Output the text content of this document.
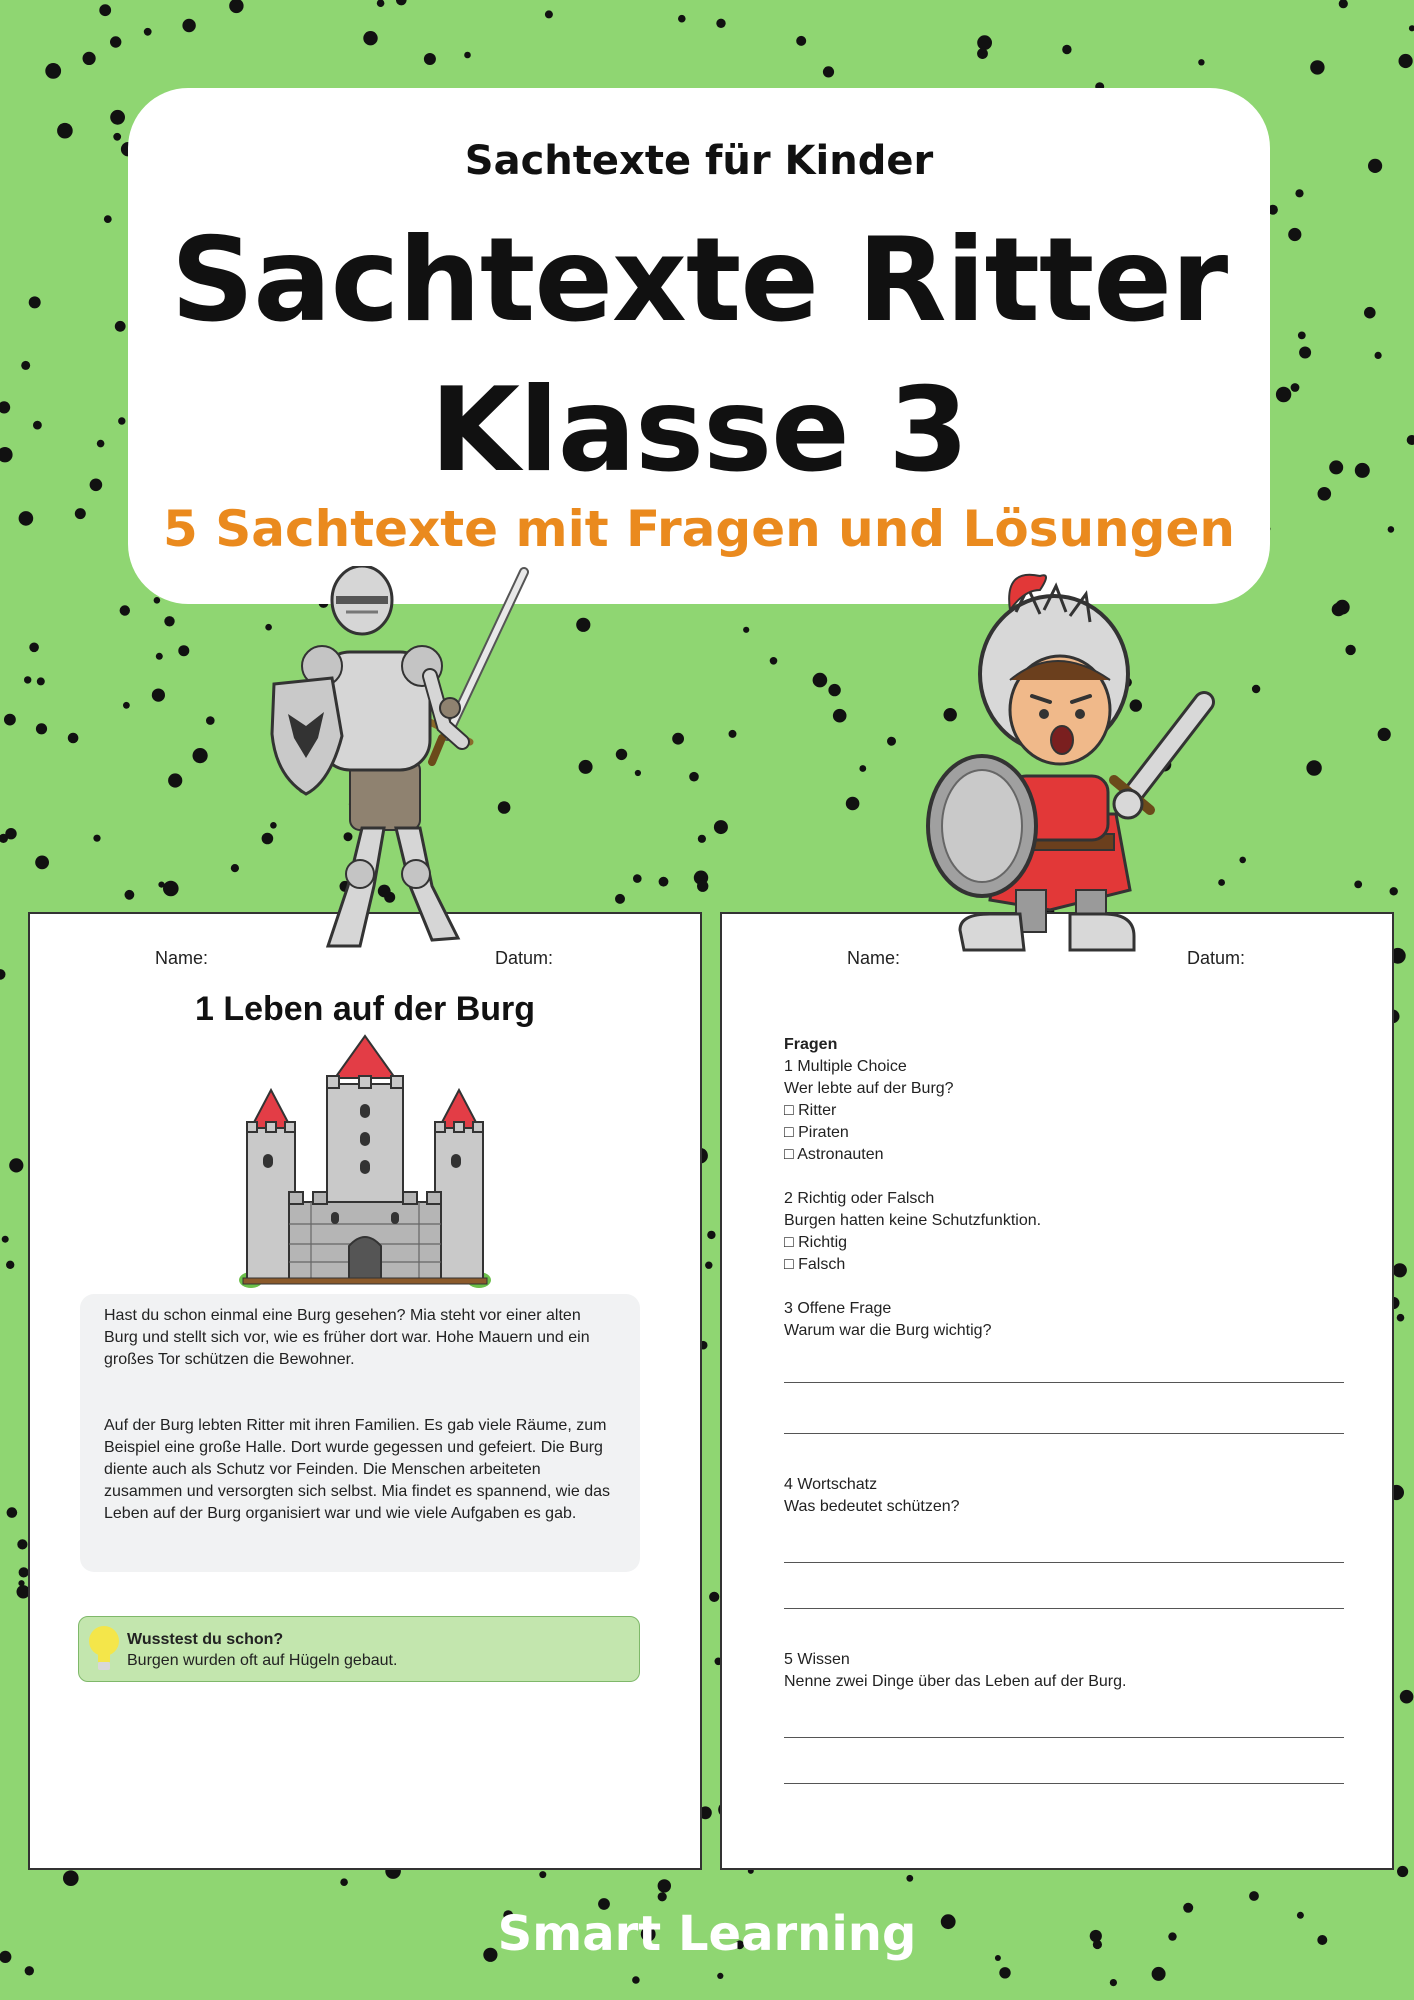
Sachtexte für Kinder
Sachtexte Ritter
Klasse 3
5 Sachtexte mit Fragen und Lösungen
Name:	Datum:
1 Leben auf der Burg

Hast du schon einmal eine Burg gesehen? Mia steht vor einer alten Burg und stellt sich vor, wie es früher dort war. Hohe Mauern und ein großes Tor schützen die Bewohner.

Auf der Burg lebten Ritter mit ihren Familien. Es gab viele Räume, zum Beispiel eine große Halle. Dort wurde gegessen und gefeiert. Die Burg diente auch als Schutz vor Feinden. Die Menschen arbeiteten zusammen und versorgten sich selbst. Mia findet es spannend, wie das Leben auf der Burg organisiert war und wie viele Aufgaben es gab.

Wusstest du schon?
Burgen wurden oft auf Hügeln gebaut.
Name:	Datum:
Fragen
1 Multiple Choice
Wer lebte auf der Burg?
□ Ritter
□ Piraten
□ Astronauten
2 Richtig oder Falsch
Burgen hatten keine Schutzfunktion.
□ Richtig
□ Falsch
3 Offene Frage
Warum war die Burg wichtig?
4 Wortschatz
Was bedeutet schützen?
5 Wissen
Nenne zwei Dinge über das Leben auf der Burg.
Smart Learning
